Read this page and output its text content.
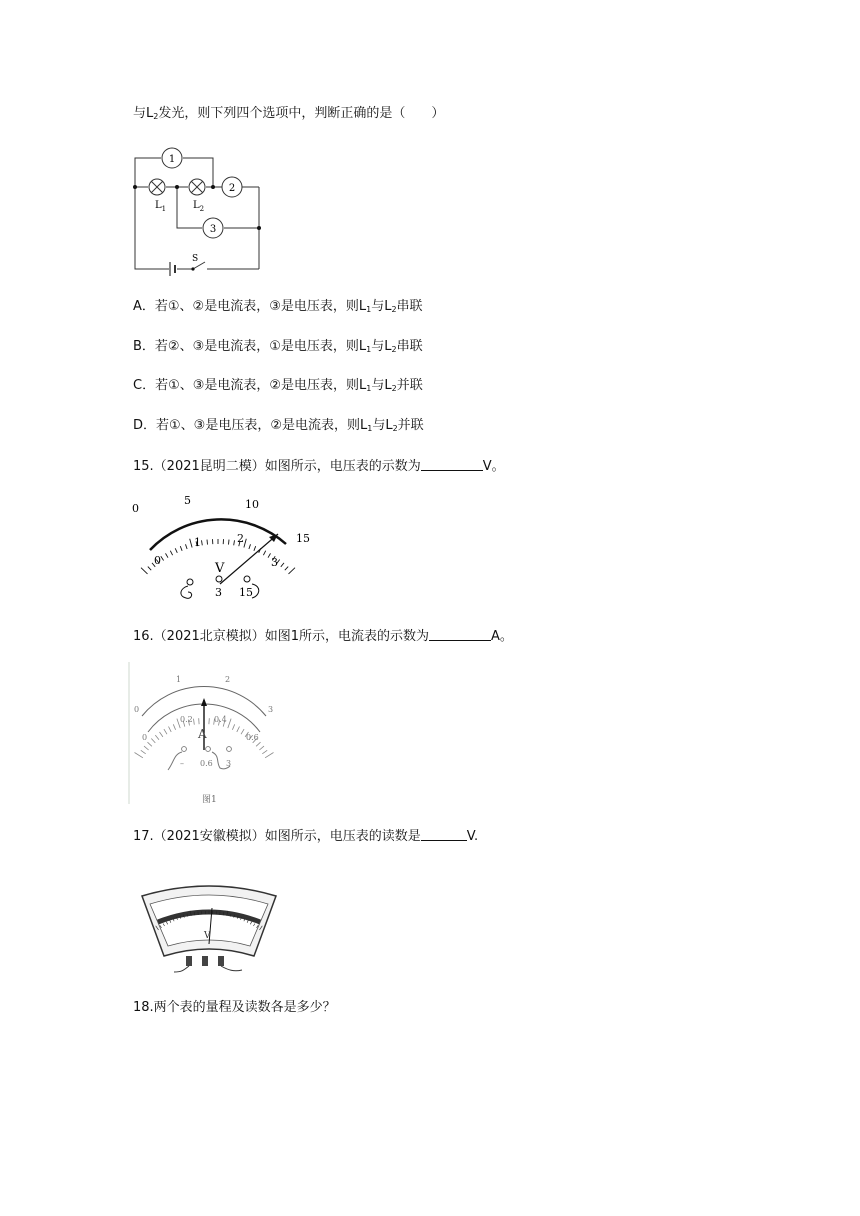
与$L_2$发光，则下列四个选项中，判断正确的是（　　）
1
2
3
$L_1$	$L_2$
S
A．若①、②是电流表，③是电压表，则$L_1$与$L_2$串联
B．若②、③是电流表，①是电压表，则$L_1$与$L_2$串联
C．若①、③是电流表，②是电压表，则$L_1$与$L_2$并联
D．若①、③是电压表，②是电流表，则$L_1$与$L_2$并联
15.（2021昆明二模）如图所示，电压表的示数为	V。
0
5	10
15
0
1	2
3
V
3 15
16.（2021北京模拟）如图1所示，电流表的示数为	A。
0
1	2
3
0
0.2	0.4
0.6
A
– 0.6 3
图1
17.（2021安徽模拟）如图所示，电压表的读数是	V.
V
18.两个表的量程及读数各是多少？
